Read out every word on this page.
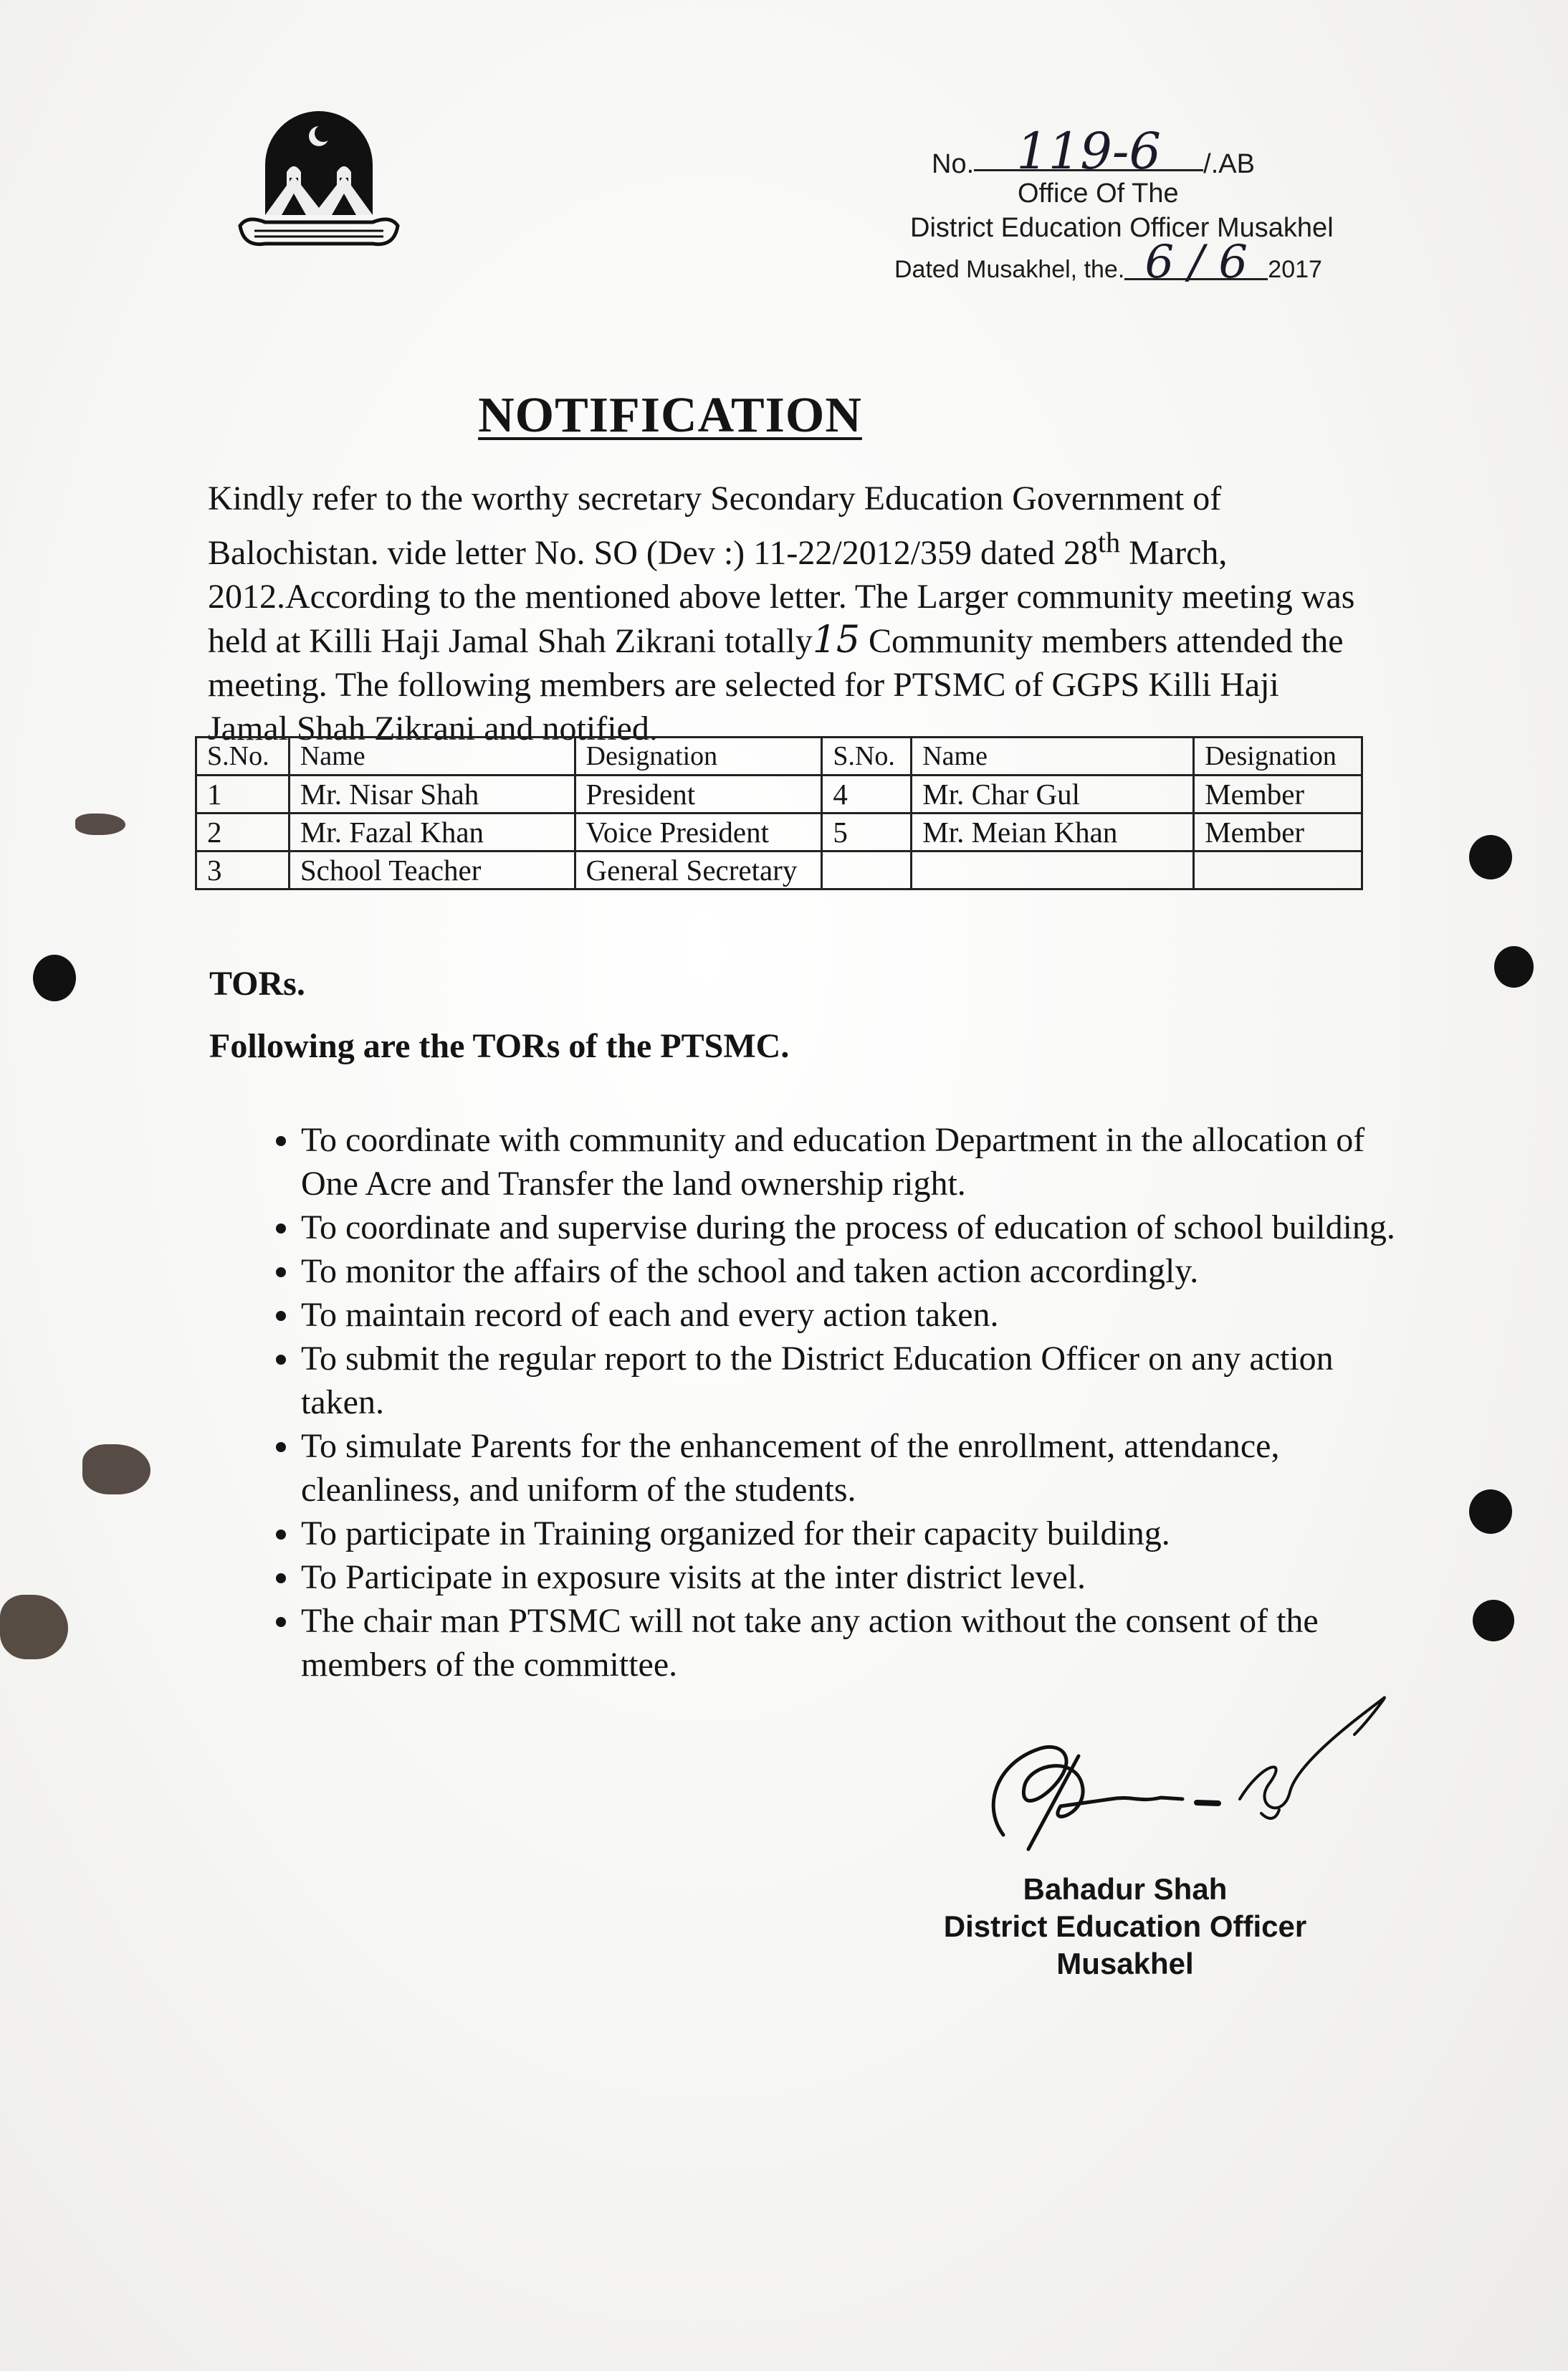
No. 119-6 /.AB
Office Of The
District Education Officer Musakhel
Dated Musakhel, the. 6 / 6 2017
NOTIFICATION
Kindly refer to the worthy secretary Secondary Education Government of Balochistan. vide letter No. SO (Dev :) 11-22/2012/359 dated 28th March, 2012.According to the mentioned above letter. The Larger community meeting was held at Killi Haji Jamal Shah Zikrani totally15 Community members attended the meeting. The following members are selected for PTSMC of GGPS Killi Haji Jamal Shah Zikrani and notified.
S.No.	Name	Designation	S.No.	Name	Designation
1	Mr. Nisar Shah	President	4	Mr. Char Gul	Member
2	Mr. Fazal Khan	Voice President	5	Mr. Meian Khan	Member
3	School Teacher	General Secretary			
TORs.
Following are the TORs of the PTSMC.
• To coordinate with community and education Department in the allocation of One Acre and Transfer the land ownership right.
• To coordinate and supervise during the process of education of school building.
• To monitor the affairs of the school and taken action accordingly.
• To maintain record of each and every action taken.
• To submit the regular report to the District Education Officer on any action taken.
• To simulate Parents for the enhancement of the enrollment, attendance, cleanliness, and uniform of the students.
• To participate in Training organized for their capacity building.
• To Participate in exposure visits at the inter district level.
• The chair man PTSMC will not take any action without the consent of the members of the committee.
Bahadur Shah
District Education Officer
Musakhel
